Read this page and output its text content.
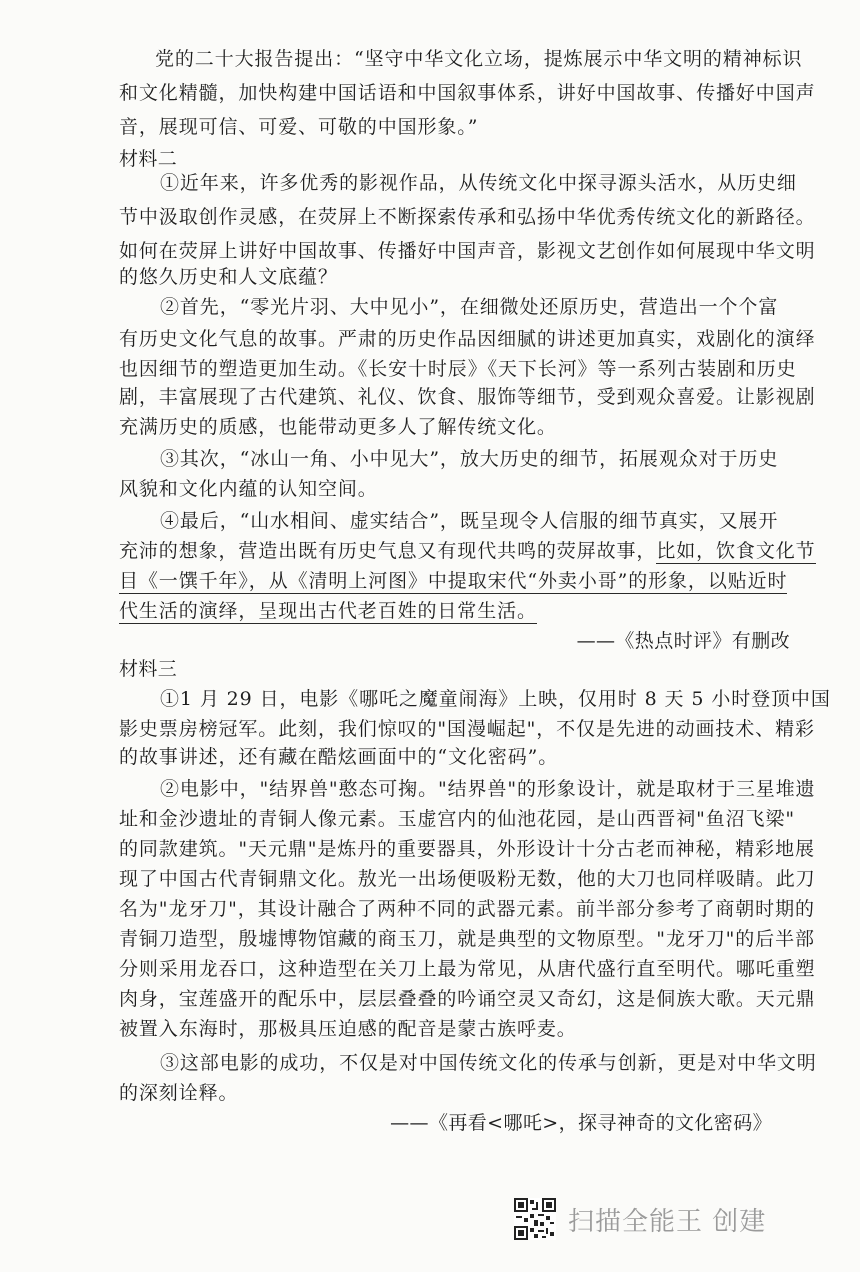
党的二十大报告提出：“坚守中华文化立场，提炼展示中华文明的精神标识
和文化精髓，加快构建中国话语和中国叙事体系，讲好中国故事、传播好中国声
音，展现可信、可爱、可敬的中国形象。”
材料二
①近年来，许多优秀的影视作品，从传统文化中探寻源头活水，从历史细
节中汲取创作灵感，在荧屏上不断探索传承和弘扬中华优秀传统文化的新路径。
如何在荧屏上讲好中国故事、传播好中国声音，影视文艺创作如何展现中华文明
的悠久历史和人文底蕴？
②首先，“零光片羽、大中见小”，在细微处还原历史，营造出一个个富
有历史文化气息的故事。严肃的历史作品因细腻的讲述更加真实，戏剧化的演绎
也因细节的塑造更加生动。《长安十时辰》《天下长河》等一系列古装剧和历史
剧，丰富展现了古代建筑、礼仪、饮食、服饰等细节，受到观众喜爱。让影视剧
充满历史的质感，也能带动更多人了解传统文化。
③其次，“冰山一角、小中见大”，放大历史的细节，拓展观众对于历史
风貌和文化内蕴的认知空间。
④最后，“山水相间、虚实结合”，既呈现令人信服的细节真实，又展开
充沛的想象，营造出既有历史气息又有现代共鸣的荧屏故事，比如，饮食文化节
目《一馔千年》，从《清明上河图》中提取宋代“外卖小哥”的形象，以贴近时
代生活的演绎，呈现出古代老百姓的日常生活。
——《热点时评》有删改
材料三
①1 月 29 日，电影《哪吒之魔童闹海》上映，仅用时 8 天 5 小时登顶中国
影史票房榜冠军。此刻，我们惊叹的"国漫崛起"，不仅是先进的动画技术、精彩
的故事讲述，还有藏在酷炫画面中的“文化密码”。
②电影中，"结界兽"憨态可掬。"结界兽"的形象设计，就是取材于三星堆遗
址和金沙遗址的青铜人像元素。玉虚宫内的仙池花园，是山西晋祠"鱼沼飞梁"
的同款建筑。"天元鼎"是炼丹的重要器具，外形设计十分古老而神秘，精彩地展
现了中国古代青铜鼎文化。敖光一出场便吸粉无数，他的大刀也同样吸睛。此刀
名为"龙牙刀"，其设计融合了两种不同的武器元素。前半部分参考了商朝时期的
青铜刀造型，殷墟博物馆藏的商玉刀，就是典型的文物原型。"龙牙刀"的后半部
分则采用龙吞口，这种造型在关刀上最为常见，从唐代盛行直至明代。哪吒重塑
肉身，宝莲盛开的配乐中，层层叠叠的吟诵空灵又奇幻，这是侗族大歌。天元鼎
被置入东海时，那极具压迫感的配音是蒙古族呼麦。
③这部电影的成功，不仅是对中国传统文化的传承与创新，更是对中华文明
的深刻诠释。
——《再看<哪吒>，探寻神奇的文化密码》
扫描全能王 创建
